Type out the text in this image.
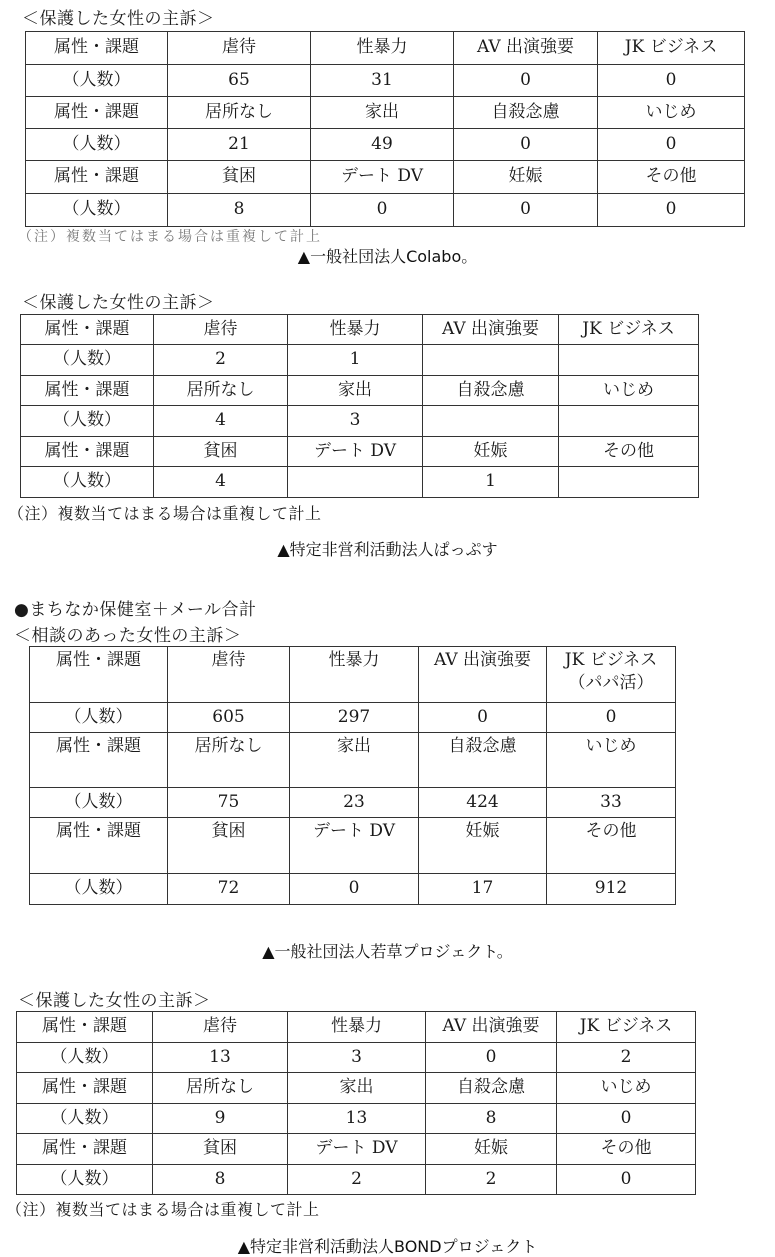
＜保護した女性の主訴＞
属性・課題	虐待	性暴力	AV 出演強要	JK ビジネス
（人数）	65	31	0	0
属性・課題	居所なし	家出	自殺念慮	いじめ
（人数）	21	49	0	0
属性・課題	貧困	デート DV	妊娠	その他
（人数）	8	0	0	0
（注）複数当てはまる場合は重複して計上
▲一般社団法人Colabo。
＜保護した女性の主訴＞
属性・課題	虐待	性暴力	AV 出演強要	JK ビジネス
（人数）	2	1		
属性・課題	居所なし	家出	自殺念慮	いじめ
（人数）	4	3		
属性・課題	貧困	デート DV	妊娠	その他
（人数）	4		1	
（注）複数当てはまる場合は重複して計上
▲特定非営利活動法人ぱっぷす
●まちなか保健室＋メール合計
＜相談のあった女性の主訴＞
属性・課題	虐待	性暴力	AV 出演強要	JK ビジネス
（パパ活）

（人数）	605	297	0	0
属性・課題	居所なし	家出	自殺念慮	いじめ
（人数）	75	23	424	33
属性・課題	貧困	デート DV	妊娠	その他
（人数）	72	0	17	912
▲一般社団法人若草プロジェクト。
＜保護した女性の主訴＞
属性・課題	虐待	性暴力	AV 出演強要	JK ビジネス
（人数）	13	3	0	2
属性・課題	居所なし	家出	自殺念慮	いじめ
（人数）	9	13	8	0
属性・課題	貧困	デート DV	妊娠	その他
（人数）	8	2	2	0
（注）複数当てはまる場合は重複して計上
▲特定非営利活動法人BONDプロジェクト
